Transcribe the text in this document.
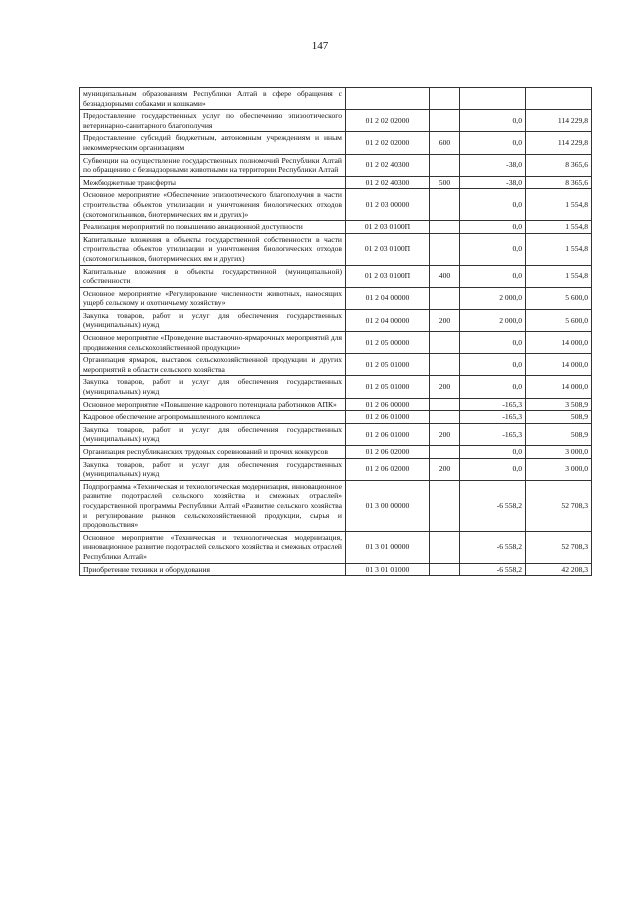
147
муниципальным образованиям Республики Алтай в сфере обращения с безнадзорными собаками и кошками»				
Предоставление государственных услуг по обеспечению эпизоотического ветеринарно-санитарного благополучия	01 2 02 02000		0,0	114 229,8
Предоставление субсидий бюджетным, автономным учреждениям и иным некоммерческим организациям	01 2 02 02000	600	0,0	114 229,8
Субвенции на осуществление государственных полномочий Республики Алтай по обращению с безнадзорными животными на территории Республики Алтай	01 2 02 40300		-38,0	8 365,6
Межбюджетные трансферты	01 2 02 40300	500	-38,0	8 365,6
Основное мероприятие «Обеспечение эпизоотического благополучия в части строительства объектов утилизации и уничтожения биологических отходов (скотомогильников, биотермических ям и других)»	01 2 03 00000		0,0	1 554,8
Реализация мероприятий по повышению авиационной доступности	01 2 03 0100П		0,0	1 554,8
Капитальные вложения в объекты государственной собственности в части строительства объектов утилизации и уничтожения биологических отходов (скотомогильников, биотермических ям и других)	01 2 03 0100П		0,0	1 554,8
Капитальные вложения в объекты государственной (муниципальной) собственности	01 2 03 0100П	400	0,0	1 554,8
Основное мероприятие «Регулирование численности животных, наносящих ущерб сельскому и охотничьему хозяйству»	01 2 04 00000		2 000,0	5 600,0
Закупка товаров, работ и услуг для обеспечения государственных (муниципальных) нужд	01 2 04 00000	200	2 000,0	5 600,0
Основное мероприятие «Проведение выставочно-ярмарочных мероприятий для продвижения сельскохозяйственной продукции»	01 2 05 00000		0,0	14 000,0
Организация ярмарок, выставок сельскохозяйственной продукции и других мероприятий в области сельского хозяйства	01 2 05 01000		0,0	14 000,0
Закупка товаров, работ и услуг для обеспечения государственных (муниципальных) нужд	01 2 05 01000	200	0,0	14 000,0
Основное мероприятие «Повышение кадрового потенциала работников АПК»	01 2 06 00000		-165,3	3 508,9
Кадровое обеспечение агропромышленного комплекса	01 2 06 01000		-165,3	508,9
Закупка товаров, работ и услуг для обеспечения государственных (муниципальных) нужд	01 2 06 01000	200	-165,3	508,9
Организация республиканских трудовых соревнований и прочих конкурсов	01 2 06 02000		0,0	3 000,0
Закупка товаров, работ и услуг для обеспечения государственных (муниципальных) нужд	01 2 06 02000	200	0,0	3 000,0
Подпрограмма «Техническая и технологическая модернизация, инновационное развитие подотраслей сельского хозяйства и смежных отраслей» государственной программы Республики Алтай «Развитие сельского хозяйства и регулирование рынков сельскохозяйственной продукции, сырья и продовольствия»	01 3 00 00000		-6 558,2	52 708,3
Основное мероприятие «Техническая и технологическая модернизация, инновационное развитие подотраслей сельского хозяйства и смежных отраслей Республики Алтай»	01 3 01 00000		-6 558,2	52 708,3
Приобретение техники и оборудования	01 3 01 01000		-6 558,2	42 208,3
